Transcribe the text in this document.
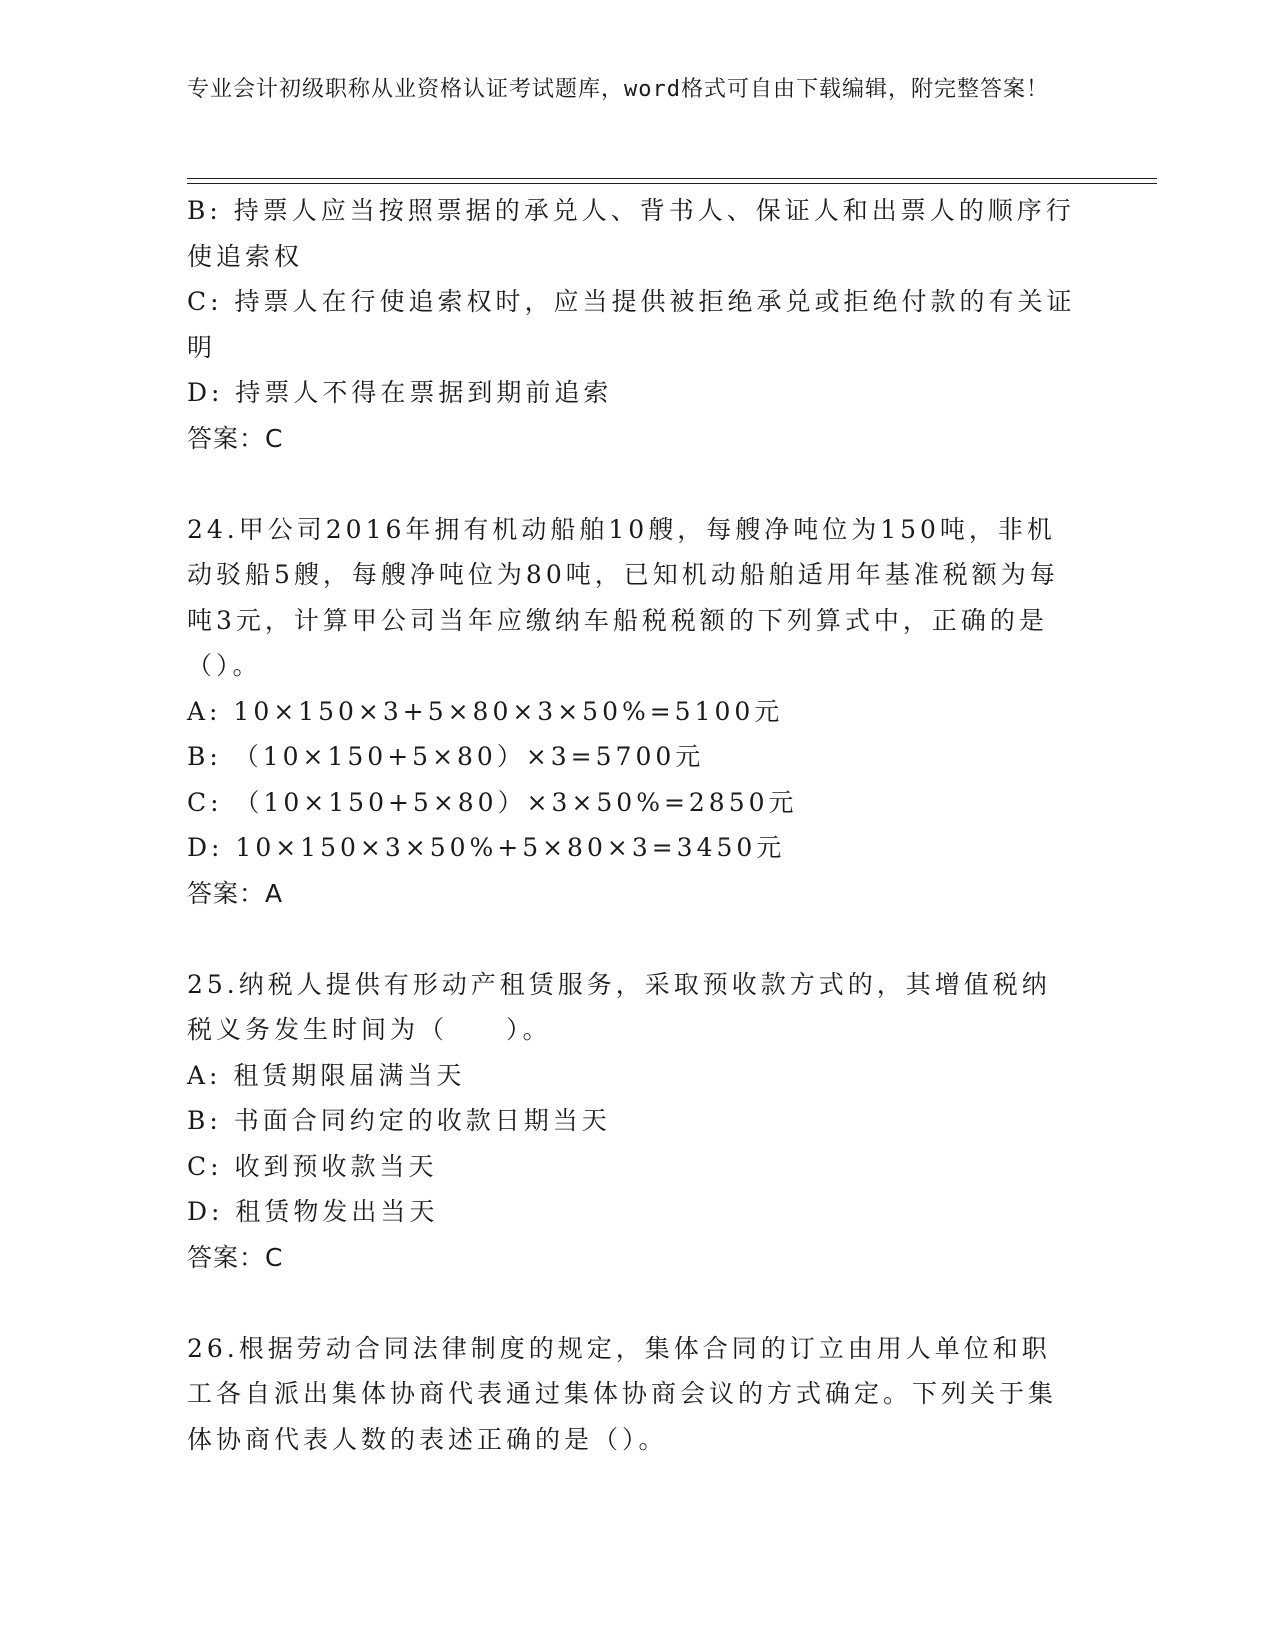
专业会计初级职称从业资格认证考试题库，word格式可自由下载编辑，附完整答案！

B: 持票人应当按照票据的承兑人、背书人、保证人和出票人的顺序行使追索权

C: 持票人在行使追索权时，应当提供被拒绝承兑或拒绝付款的有关证明

D: 持票人不得在票据到期前追索

答案：C

24.甲公司2016年拥有机动船舶10艘，每艘净吨位为150吨，非机动驳船5艘，每艘净吨位为80吨，已知机动船舶适用年基准税额为每吨3元，计算甲公司当年应缴纳车船税税额的下列算式中，正确的是（）。

A: 10×150×3+5×80×3×50%=5100元

B: （10×150+5×80）×3=5700元

C: （10×150+5×80）×3×50%=2850元

D: 10×150×3×50%+5×80×3=3450元

答案：A

25.纳税人提供有形动产租赁服务，采取预收款方式的，其增值税纳税义务发生时间为（　　）。

A: 租赁期限届满当天

B: 书面合同约定的收款日期当天

C: 收到预收款当天

D: 租赁物发出当天

答案：C

26.根据劳动合同法律制度的规定，集体合同的订立由用人单位和职工各自派出集体协商代表通过集体协商会议的方式确定。下列关于集体协商代表人数的表述正确的是（）。
